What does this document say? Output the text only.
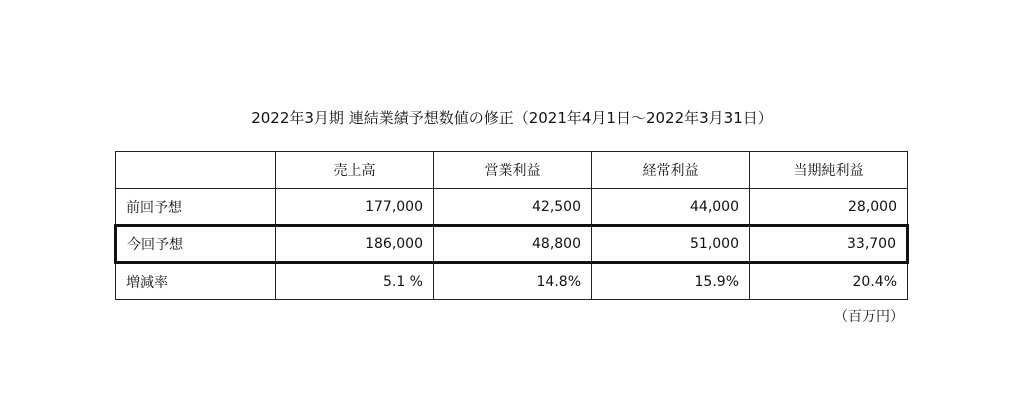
2022年3月期 連結業績予想数値の修正（2021年4月1日〜2022年3月31日）
	売上高	営業利益	経常利益	当期純利益
前回予想	177,000	42,500	44,000	28,000
今回予想	186,000	48,800	51,000	33,700
増減率	5.1 %	14.8%	15.9%	20.4%
（百万円）
